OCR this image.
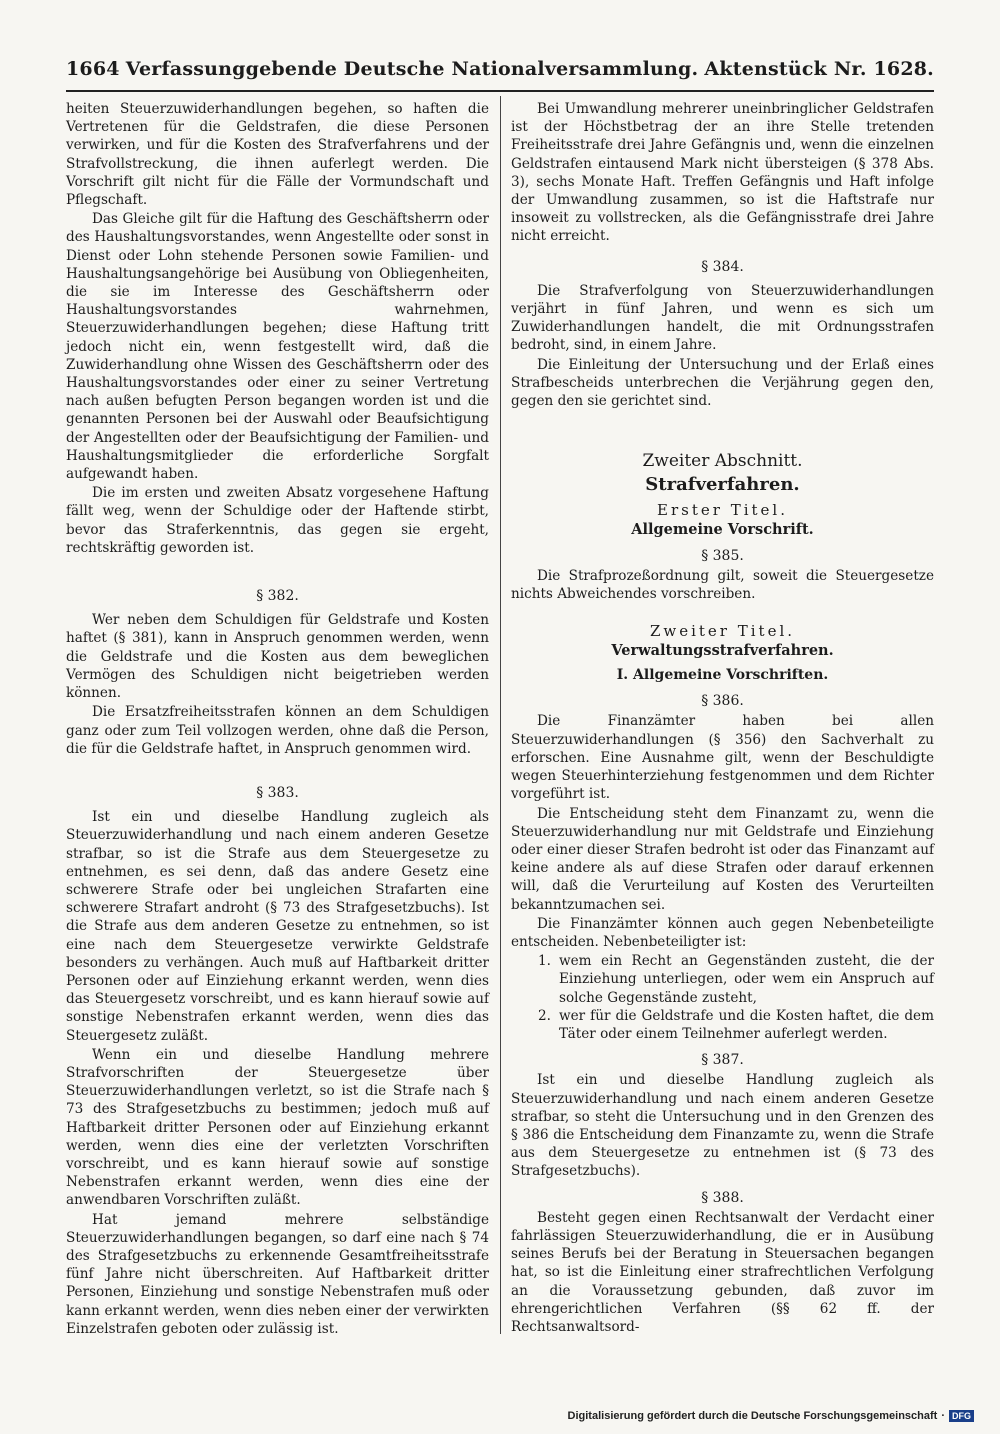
1664 Verfassunggebende Deutsche Nationalversammlung. Aktenstück Nr. 1628.

heiten Steuerzuwiderhandlungen begehen, so haften die Vertretenen für die Geldstrafen, die diese Personen verwirken, und für die Kosten des Strafverfahrens und der Strafvollstreckung, die ihnen auferlegt werden. Die Vorschrift gilt nicht für die Fälle der Vormundschaft und Pflegschaft.

Das Gleiche gilt für die Haftung des Geschäftsherrn oder des Haushaltungsvorstandes, wenn Angestellte oder sonst in Dienst oder Lohn stehende Personen sowie Familien- und Haushaltungsangehörige bei Ausübung von Obliegenheiten, die sie im Interesse des Geschäftsherrn oder Haushaltungsvorstandes wahrnehmen, Steuerzuwiderhandlungen begehen; diese Haftung tritt jedoch nicht ein, wenn festgestellt wird, daß die Zuwiderhandlung ohne Wissen des Geschäftsherrn oder des Haushaltungsvorstandes oder einer zu seiner Vertretung nach außen befugten Person begangen worden ist und die genannten Personen bei der Auswahl oder Beaufsichtigung der Angestellten oder der Beaufsichtigung der Familien- und Haushaltungsmitglieder die erforderliche Sorgfalt aufgewandt haben.

Die im ersten und zweiten Absatz vorgesehene Haftung fällt weg, wenn der Schuldige oder der Haftende stirbt, bevor das Straferkenntnis, das gegen sie ergeht, rechtskräftig geworden ist.

§ 382.

Wer neben dem Schuldigen für Geldstrafe und Kosten haftet (§ 381), kann in Anspruch genommen werden, wenn die Geldstrafe und die Kosten aus dem beweglichen Vermögen des Schuldigen nicht beigetrieben werden können.

Die Ersatzfreiheitsstrafen können an dem Schuldigen ganz oder zum Teil vollzogen werden, ohne daß die Person, die für die Geldstrafe haftet, in Anspruch genommen wird.

§ 383.

Ist ein und dieselbe Handlung zugleich als Steuerzuwiderhandlung und nach einem anderen Gesetze strafbar, so ist die Strafe aus dem Steuergesetze zu entnehmen, es sei denn, daß das andere Gesetz eine schwerere Strafe oder bei ungleichen Strafarten eine schwerere Strafart androht (§ 73 des Strafgesetzbuchs). Ist die Strafe aus dem anderen Gesetze zu entnehmen, so ist eine nach dem Steuergesetze verwirkte Geldstrafe besonders zu verhängen. Auch muß auf Haftbarkeit dritter Personen oder auf Einziehung erkannt werden, wenn dies das Steuergesetz vorschreibt, und es kann hierauf sowie auf sonstige Nebenstrafen erkannt werden, wenn dies das Steuergesetz zuläßt.

Wenn ein und dieselbe Handlung mehrere Strafvorschriften der Steuergesetze über Steuerzuwiderhandlungen verletzt, so ist die Strafe nach § 73 des Strafgesetzbuchs zu bestimmen; jedoch muß auf Haftbarkeit dritter Personen oder auf Einziehung erkannt werden, wenn dies eine der verletzten Vorschriften vorschreibt, und es kann hierauf sowie auf sonstige Nebenstrafen erkannt werden, wenn dies eine der anwendbaren Vorschriften zuläßt.

Hat jemand mehrere selbständige Steuerzuwiderhandlungen begangen, so darf eine nach § 74 des Strafgesetzbuchs zu erkennende Gesamtfreiheitsstrafe fünf Jahre nicht überschreiten. Auf Haftbarkeit dritter Personen, Einziehung und sonstige Nebenstrafen muß oder kann erkannt werden, wenn dies neben einer der verwirkten Einzelstrafen geboten oder zulässig ist.

Bei Umwandlung mehrerer uneinbringlicher Geldstrafen ist der Höchstbetrag der an ihre Stelle tretenden Freiheitsstrafe drei Jahre Gefängnis und, wenn die einzelnen Geldstrafen eintausend Mark nicht übersteigen (§ 378 Abs. 3), sechs Monate Haft. Treffen Gefängnis und Haft infolge der Umwandlung zusammen, so ist die Haftstrafe nur insoweit zu vollstrecken, als die Gefängnisstrafe drei Jahre nicht erreicht.

§ 384.

Die Strafverfolgung von Steuerzuwiderhandlungen verjährt in fünf Jahren, und wenn es sich um Zuwiderhandlungen handelt, die mit Ordnungsstrafen bedroht, sind, in einem Jahre.

Die Einleitung der Untersuchung und der Erlaß eines Strafbescheids unterbrechen die Verjährung gegen den, gegen den sie gerichtet sind.

Zweiter Abschnitt.
Strafverfahren.
Erster Titel.
Allgemeine Vorschrift.
§ 385.

Die Strafprozeßordnung gilt, soweit die Steuergesetze nichts Abweichendes vorschreiben.

Zweiter Titel.
Verwaltungsstrafverfahren.
I. Allgemeine Vorschriften.
§ 386.

Die Finanzämter haben bei allen Steuerzuwiderhandlungen (§ 356) den Sachverhalt zu erforschen. Eine Ausnahme gilt, wenn der Beschuldigte wegen Steuerhinterziehung festgenommen und dem Richter vorgeführt ist.

Die Entscheidung steht dem Finanzamt zu, wenn die Steuerzuwiderhandlung nur mit Geldstrafe und Einziehung oder einer dieser Strafen bedroht ist oder das Finanzamt auf keine andere als auf diese Strafen oder darauf erkennen will, daß die Verurteilung auf Kosten des Verurteilten bekanntzumachen sei.

Die Finanzämter können auch gegen Nebenbeteiligte entscheiden. Nebenbeteiligter ist:

1. wem ein Recht an Gegenständen zusteht, die der Einziehung unterliegen, oder wem ein Anspruch auf solche Gegenstände zusteht,
2. wer für die Geldstrafe und die Kosten haftet, die dem Täter oder einem Teilnehmer auferlegt werden.
§ 387.

Ist ein und dieselbe Handlung zugleich als Steuerzuwiderhandlung und nach einem anderen Gesetze strafbar, so steht die Untersuchung und in den Grenzen des § 386 die Entscheidung dem Finanzamte zu, wenn die Strafe aus dem Steuergesetze zu entnehmen ist (§ 73 des Strafgesetzbuchs).

§ 388.

Besteht gegen einen Rechtsanwalt der Verdacht einer fahrlässigen Steuerzuwiderhandlung, die er in Ausübung seines Berufs bei der Beratung in Steuersachen begangen hat, so ist die Einleitung einer strafrechtlichen Verfolgung an die Voraussetzung gebunden, daß zuvor im ehrengerichtlichen Verfahren (§§ 62 ff. der Rechtsanwaltsord-

Digitalisierung gefördert durch die Deutsche Forschungsgemeinschaft · DFG
